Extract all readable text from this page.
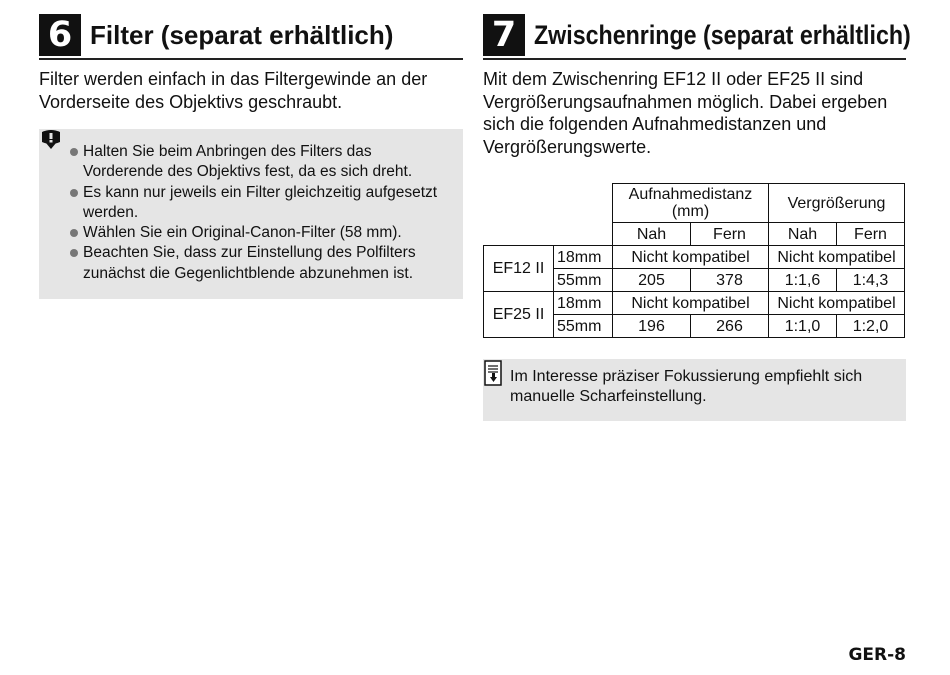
6 Filter (separat erhältlich)

Filter werden einfach in das Filtergewinde an der Vorderseite des Objektivs geschraubt.

Halten Sie beim Anbringen des Filters das Vorderende des Objektivs fest, da es sich dreht.
Es kann nur jeweils ein Filter gleichzeitig aufgesetzt werden.
Wählen Sie ein Original-Canon-Filter (58 mm).
Beachten Sie, dass zur Einstellung des Polfilters zunächst die Gegenlichtblende abzunehmen ist.
7 Zwischenringe (separat erhältlich)

Mit dem Zwischenring EF12 II oder EF25 II sind Vergrößerungsaufnahmen möglich. Dabei ergeben sich die folgenden Aufnahmedistanzen und Vergrößerungswerte.

		Aufnahmedistanz (mm)		Vergrößerung	
		Nah	Fern	Nah	Fern
EF12 II	18mm	Nicht kompatibel		Nicht kompatibel	
	55mm	205	378	1:1,6	1:4,3
EF25 II	18mm	Nicht kompatibel		Nicht kompatibel	
	55mm	196	266	1:1,0	1:2,0

Im Interesse präziser Fokussierung empfiehlt sich manuelle Scharfeinstellung.

GER-8
